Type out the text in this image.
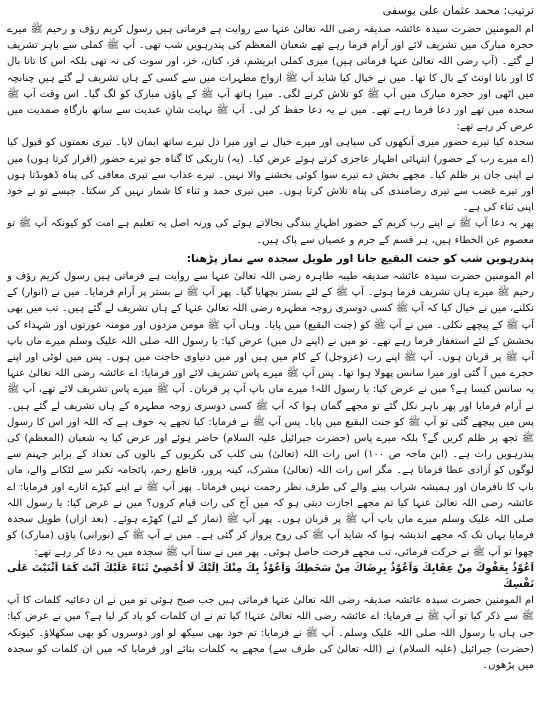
ترتیب: محمد عثمان علی یوسفی

ام المومنین حضرت سیدہ عائشہ صدیقہ رضی اللہ تعالیٰ عنہا سے روایت ہے فرماتی ہیں رسول کریم رؤف و رحیم ﷺ میرے حجرہ مبارک میں تشریف لائے اور آرام فرما رہے تھے شعبان المعظم کی پندرہویں شب تھی۔ آپ ﷺ کملی سے باہر تشریف لے گئے۔ (آپ رضی اللہ تعالیٰ عنہا فرماتی ہیں) میری کملی ابریشم، قز، کتان، خز، اور سوت کی نہ تھی بلکہ اس کا تانا بال کا اور بانا اونٹ کے بال کا تھا۔ میں نے خیال کیا شاید آپ ﷺ ازواج مطہرات میں سے کسی کے ہاں تشریف لے گئے ہیں چنانچہ میں اٹھی اور حجرہ مبارک میں آپ ﷺ کو تلاش کرنے لگی۔ میرا ہاتھ آپ ﷺ کے پاؤں مبارک کو لگ گیا۔ اس وقت آپ ﷺ سجدہ میں تھے اور دعا فرما رہے تھے۔ میں نے یہ دعا حفظ کر لی۔ آپ ﷺ نہایت شانِ عبدیت سے ساتھ بارگاہِ صمدیت میں عرض کر رہے تھے:

سجدہ کیا تیرے حضور میری آنکھوں کی سیاہی اور میرے خیال نے اور میرا دل تیرے ساتھ ایمان لایا۔ تیری نعمتوں کو قبول کیا (اے میرے رب کے حضور) انتہائی اظہار عاجزی کرتے ہوئے عرض کیا۔ (یہ) تاریکی کا گناہ جو تیرے حضور (اقرار کرتا ہوں) میں نے اپنی جان پر ظلم کیا۔ مجھے بخش دے تیرے سوا کوئی بخشنے والا نہیں۔ تیرے عذاب سے تیری معافی کی پناہ ڈھونڈتا ہوں اور تیرے غضب سے تیری رضامندی کی پناہ تلاش کرتا ہوں۔ میں تیری حمد و ثناء کا شمار نہیں کر سکتا۔ جیسے تو نے خود اپنی ثناء کی ہے۔

پھر یہ دعا آپ ﷺ نے اپنے رب کریم کے حضور اظہارِ بندگی بجالاتے ہوئے کی ورنہ اصل یہ تعلیم ہے امت کو کیونکہ آپ ﷺ تو معصوم عن الخطاء ہیں، ہر قسم کے جرم و عصیاں سے پاک ہیں۔

پندرہویں شب کو جنت البقیع جانا اور طویل سجدہ سے نماز پڑھنا:

ام المومنین حضرت سیدہ عائشہ صدیقہ طیبہ طاہرہ رضی اللہ تعالیٰ عنہا سے روایت ہے فرماتی ہیں رسول کریم رؤف و رحیم ﷺ میرے ہاں تشریف فرما ہوئے۔ آپ ﷺ کے لئے بستر بچھایا گیا۔ پھر آپ ﷺ نے بستر پر آرام فرمایا۔ میں نے (انوار) کے نکلنے، میں نے خیال کیا کہ آپ ﷺ کسی دوسری زوجہ مطہرہ رضی اللہ تعالیٰ عنہا کے ہاں تشریف لے گئے ہیں۔ تب میں بھی آپ ﷺ کے پیچھے نکلی۔ میں نے آپ ﷺ کو (جنت البقیع) میں پایا۔ وہاں آپ ﷺ مومن مردوں اور مومنہ عورتوں اور شہداء کی بخشش کے لئے استغفار فرما رہے تھے۔ تو میں نے (اپنے دل میں) عرض کیا: یا رسول اللہ صلی اللہ علیک وسلم میرے ماں باپ آپ ﷺ پر قربان ہوں۔ آپ ﷺ اپنے رب (عزوجل) کے کام میں ہیں اور میں دنیاوی حاجت میں ہوں۔ پس میں لوٹی اور اپنے حجرے میں آ گئی اور میرا سانس پھولا ہوا تھا۔ پس آپ ﷺ میرے پاس تشریف لائے اور فرمایا: اے عائشہ رضی اللہ تعالیٰ عنہا یہ سانس کیسا ہے؟ میں نے عرض کیا: یا رسول اللہ! میرے ماں باپ آپ پر قربان۔ آپ ﷺ میرے پاس تشریف لائے تھے، آپ ﷺ نے آرام فرمایا اور پھر باہر نکل گئے تو مجھے گمان ہوا کہ آپ ﷺ کسی دوسری زوجہ مطہرہ کے ہاں تشریف لے گئے ہیں۔ پس میں پیچھے گئی تو آپ ﷺ کو جنت البقیع میں پایا۔ پس آپ ﷺ نے فرمایا: کیا تجھے یہ خوف ہے کہ اللہ اور اس کا رسول ﷺ تجھ پر ظلم کریں گے؟ بلکہ میرے پاس (حضرت جبرائیل علیہ السلام) حاضر ہوئے اور عرض کیا یہ شعبان (المعظم) کی پندرہویں رات ہے۔ (ابن ماجہ ص ۱۰۰) اس رات اللہ (تعالیٰ) بنی کلب کی بکریوں کے بالوں کی تعداد کے برابر جہنم سے لوگوں کو آزادی عطا فرماتا ہے۔ مگر اس رات اللہ (تعالیٰ) مشرک، کینہ پرور، قاطع رحم، پائجامہ تکبر سے لٹکانے والے، ماں باپ کا نافرمان اور ہمیشہ شراب پینے والے کی طرف نظر رحمت نہیں فرماتا۔ پھر آپ ﷺ نے اپنے کپڑے اتارے اور فرمایا: اے عائشہ رضی اللہ تعالیٰ عنہا کیا تم مجھے اجازت دیتی ہو کہ میں آج کی رات قیام کروں؟ میں نے عرض کیا: یا رسول اللہ صلی اللہ علیک وسلم میرے ماں باپ آپ ﷺ پر قربان ہوں۔ پھر آپ ﷺ (نماز کے لئے) کھڑے ہوئے۔ (بعد ازاں) طویل سجدہ فرمایا یہاں تک کہ مجھے اندیشہ ہوا کہ شاید آپ ﷺ کی روح پرواز کر گئی ہے۔ میں نے آپ ﷺ کے (نورانی) پاؤں (مبارک) کو چھوا تو آپ ﷺ نے حرکت فرمائی، تب مجھے فرحت حاصل ہوئی۔ پھر میں نے سنا آپ ﷺ سجدہ میں یہ دعا کر رہے تھے:

اَعُوْذُ بِعَفْوِكَ مِنْ عِقَابِكَ وَاَعُوْذُ بِرِضَاكَ مِنْ سَخَطِكَ وَاَعُوْذُ بِكَ مِنْكَ اِلَيْكَ لَا اُحْصِيْ ثَنَاءً عَلَيْكَ اَنْتَ كَمَا اَثْنَيْتَ عَلٰى نَفْسِكَ

ام المومنین حضرت سیدہ عائشہ صدیقہ رضی اللہ تعالیٰ عنہا فرماتی ہیں جب صبح ہوئی تو میں نے ان دعائیہ کلمات کا آپ ﷺ سے ذکر کیا تو آپ ﷺ نے فرمایا: اے عائشہ رضی اللہ تعالیٰ عنہا! کیا تم نے ان کلمات کو یاد کر لیا ہے؟ میں نے عرض کیا: جی ہاں یا رسول اللہ صلی اللہ علیک وسلم۔ آپ ﷺ نے فرمایا: تم خود بھی سیکھ لو اور دوسروں کو بھی سکھلاؤ۔ کیونکہ (حضرت) جبرائیل (علیہ السلام) نے (اللہ تعالیٰ کی طرف سے) مجھے یہ کلمات بتائے اور فرمایا کہ میں ان کلمات کو سجدہ میں پڑھوں۔
